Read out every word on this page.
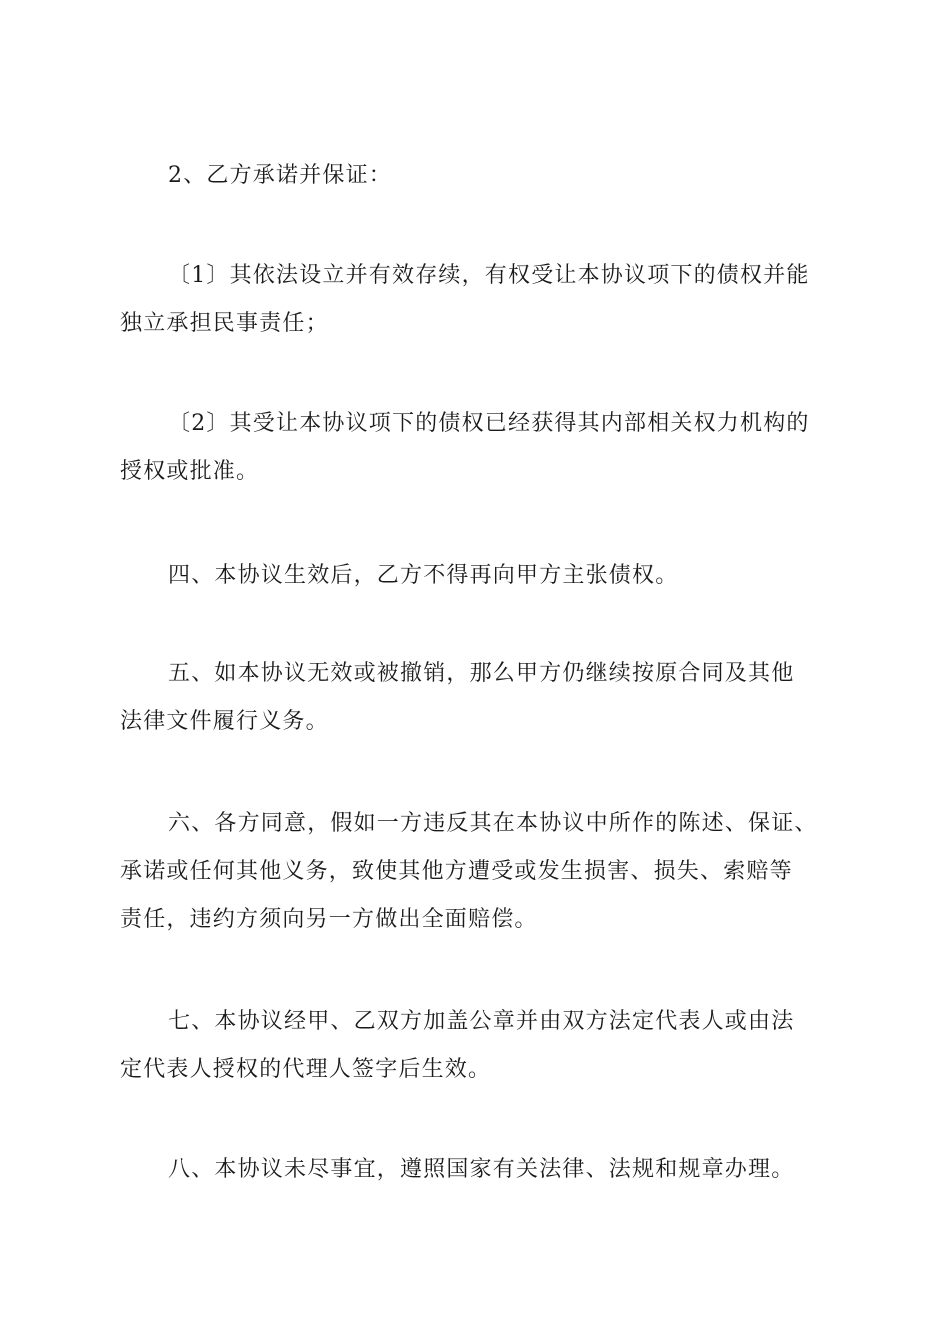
2、乙方承诺并保证：

〔1〕其依法设立并有效存续，有权受让本协议项下的债权并能
独立承担民事责任；

〔2〕其受让本协议项下的债权已经获得其内部相关权力机构的
授权或批准。

四、本协议生效后，乙方不得再向甲方主张债权。

五、如本协议无效或被撤销，那么甲方仍继续按原合同及其他
法律文件履行义务。

六、各方同意，假如一方违反其在本协议中所作的陈述、保证、
承诺或任何其他义务，致使其他方遭受或发生损害、损失、索赔等
责任，违约方须向另一方做出全面赔偿。

七、本协议经甲、乙双方加盖公章并由双方法定代表人或由法
定代表人授权的代理人签字后生效。

八、本协议未尽事宜，遵照国家有关法律、法规和规章办理。
